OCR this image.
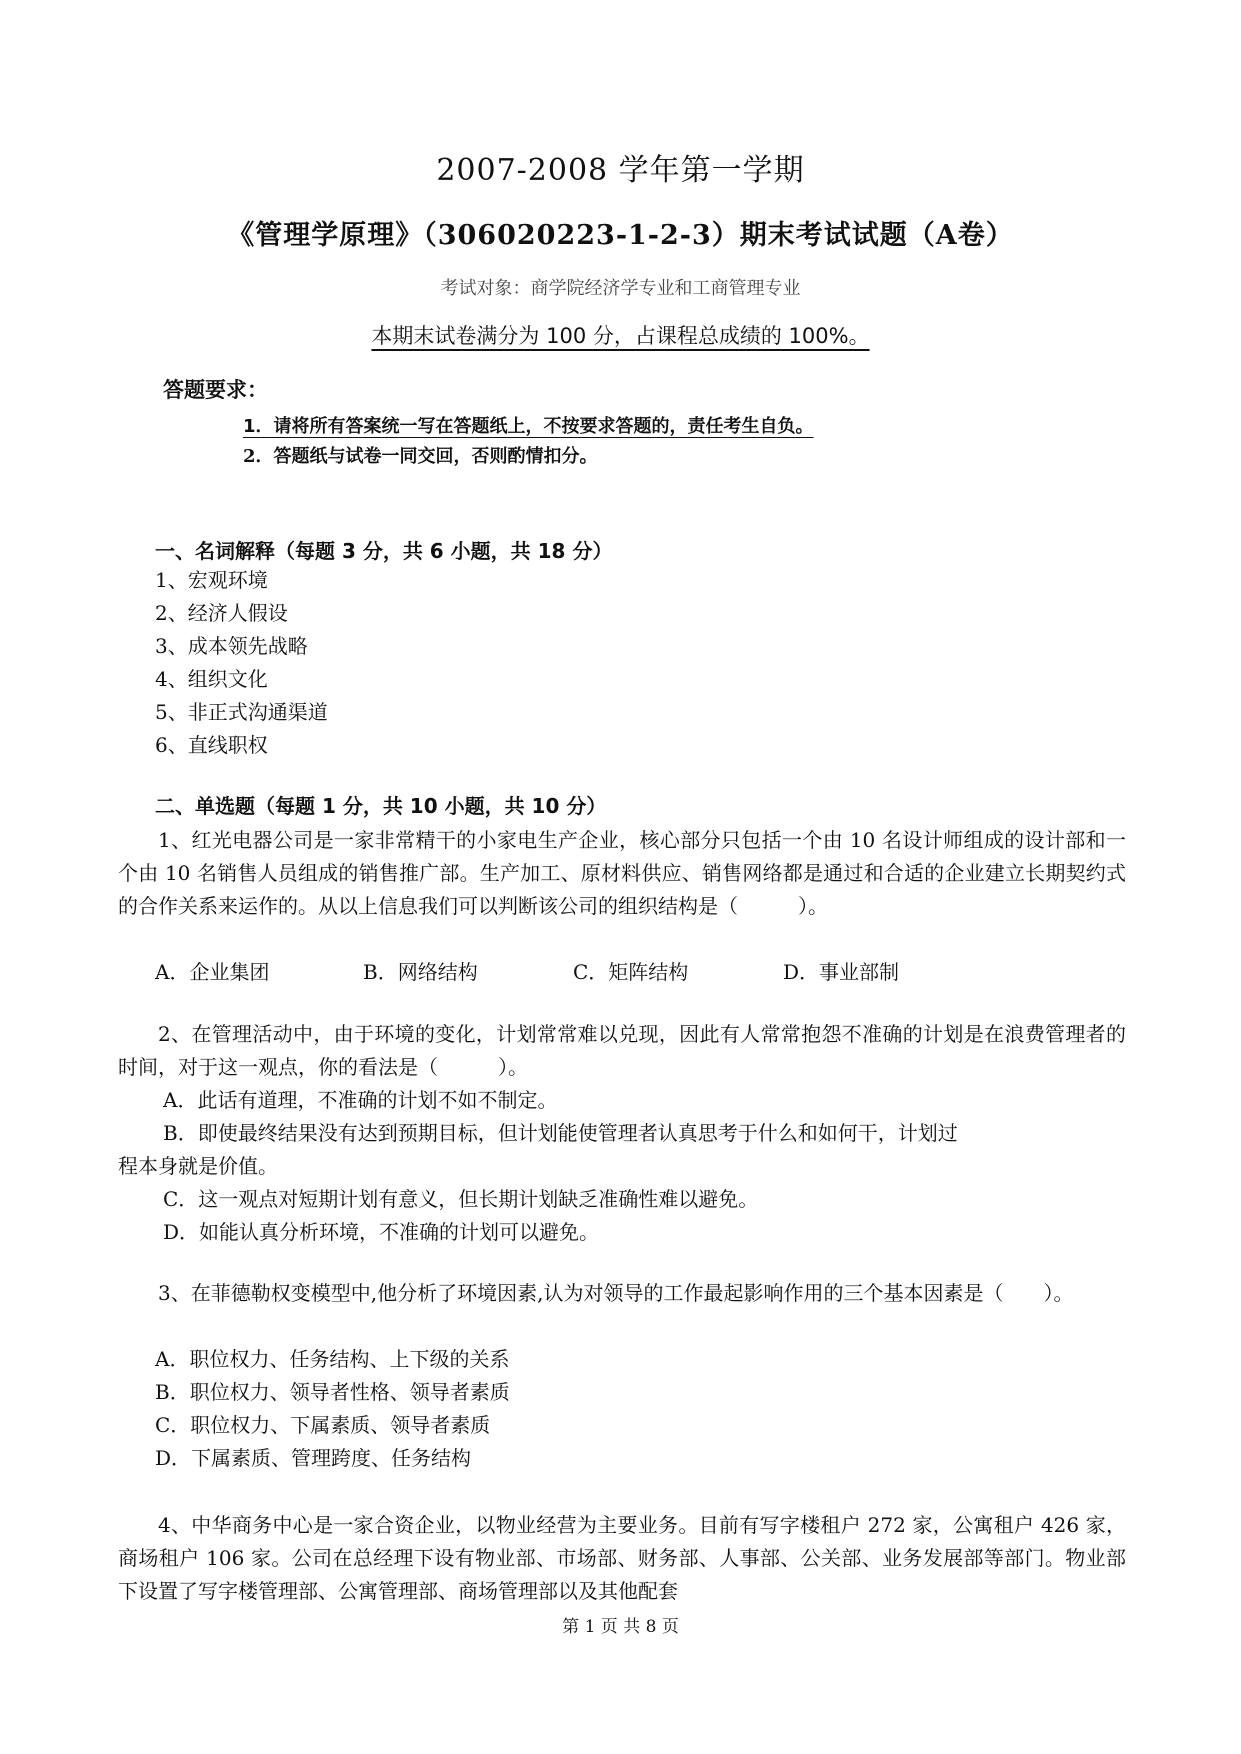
2007-2008 学年第一学期
《管理学原理》（306020223-1-2-3）期末考试试题（A卷）
考试对象：商学院经济学专业和工商管理专业
本期末试卷满分为 100 分，占课程总成绩的 100%。
答题要求：
1．请将所有答案统一写在答题纸上，不按要求答题的，责任考生自负。
2．答题纸与试卷一同交回，否则酌情扣分。
一、名词解释（每题 3 分，共 6 小题，共 18 分）
1、宏观环境
2、经济人假设
3、成本领先战略
4、组织文化
5、非正式沟通渠道
6、直线职权
二、单选题（每题 1 分，共 10 小题，共 10 分）
1、红光电器公司是一家非常精干的小家电生产企业，核心部分只包括一个由 10 名设计师组成的设计部和一个由 10 名销售人员组成的销售推广部。生产加工、原材料供应、销售网络都是通过和合适的企业建立长期契约式的合作关系来运作的。从以上信息我们可以判断该公司的组织结构是（　　　）。
A．企业集团	B．网络结构	C．矩阵结构	D．事业部制
2、在管理活动中，由于环境的变化，计划常常难以兑现，因此有人常常抱怨不准确的计划是在浪费管理者的时间，对于这一观点，你的看法是（　　　）。
A．此话有道理，不准确的计划不如不制定。
B．即使最终结果没有达到预期目标，但计划能使管理者认真思考于什么和如何干，计划过
程本身就是价值。
C．这一观点对短期计划有意义，但长期计划缺乏准确性难以避免。
D．如能认真分析环境，不准确的计划可以避免。
3、在菲德勒权变模型中,他分析了环境因素,认为对领导的工作最起影响作用的三个基本因素是（　　）。
A．职位权力、任务结构、上下级的关系
B．职位权力、领导者性格、领导者素质
C．职位权力、下属素质、领导者素质
D．下属素质、管理跨度、任务结构
4、中华商务中心是一家合资企业，以物业经营为主要业务。目前有写字楼租户 272 家，公寓租户 426 家，商场租户 106 家。公司在总经理下设有物业部、市场部、财务部、人事部、公关部、业务发展部等部门。物业部下设置了写字楼管理部、公寓管理部、商场管理部以及其他配套
第 1 页 共 8 页
